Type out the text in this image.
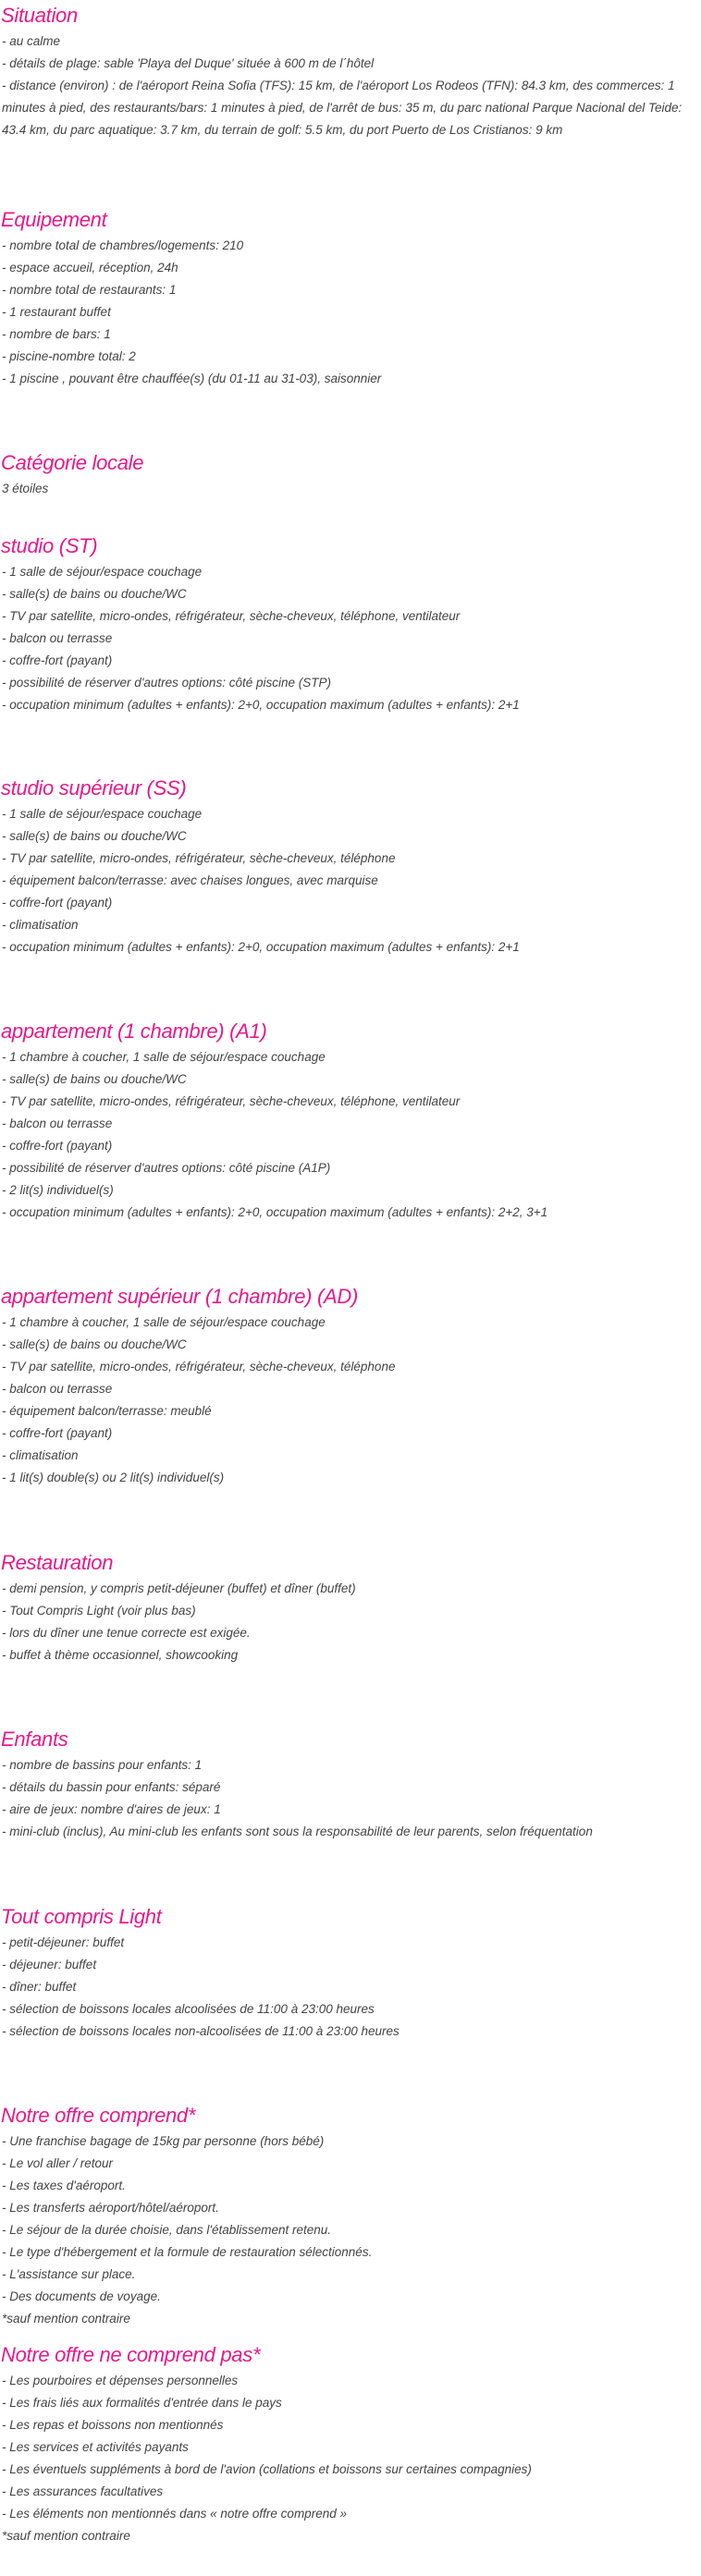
Situation
- au calme
- détails de plage: sable 'Playa del Duque' située à 600 m de l´hôtel
- distance (environ) : de l'aéroport Reina Sofia (TFS): 15 km, de l'aéroport Los Rodeos (TFN): 84.3 km, des commerces: 1 minutes à pied, des restaurants/bars: 1 minutes à pied, de l'arrêt de bus: 35 m, du parc national Parque Nacional del Teide: 43.4 km, du parc aquatique: 3.7 km, du terrain de golf: 5.5 km, du port Puerto de Los Cristianos: 9 km
Equipement
- nombre total de chambres/logements: 210
- espace accueil, réception, 24h
- nombre total de restaurants: 1
- 1 restaurant buffet
- nombre de bars: 1
- piscine-nombre total: 2
- 1 piscine , pouvant être chauffée(s) (du 01-11 au 31-03), saisonnier
Catégorie locale
3 étoiles
studio (ST)
- 1 salle de séjour/espace couchage
- salle(s) de bains ou douche/WC
- TV par satellite, micro-ondes, réfrigérateur, sèche-cheveux, téléphone, ventilateur
- balcon ou terrasse
- coffre-fort (payant)
- possibilité de réserver d'autres options: côté piscine (STP)
- occupation minimum (adultes + enfants): 2+0, occupation maximum (adultes + enfants): 2+1
studio supérieur (SS)
- 1 salle de séjour/espace couchage
- salle(s) de bains ou douche/WC
- TV par satellite, micro-ondes, réfrigérateur, sèche-cheveux, téléphone
- équipement balcon/terrasse: avec chaises longues, avec marquise
- coffre-fort (payant)
- climatisation
- occupation minimum (adultes + enfants): 2+0, occupation maximum (adultes + enfants): 2+1
appartement (1 chambre) (A1)
- 1 chambre à coucher, 1 salle de séjour/espace couchage
- salle(s) de bains ou douche/WC
- TV par satellite, micro-ondes, réfrigérateur, sèche-cheveux, téléphone, ventilateur
- balcon ou terrasse
- coffre-fort (payant)
- possibilité de réserver d'autres options: côté piscine (A1P)
- 2 lit(s) individuel(s)
- occupation minimum (adultes + enfants): 2+0, occupation maximum (adultes + enfants): 2+2, 3+1
appartement supérieur (1 chambre) (AD)
- 1 chambre à coucher, 1 salle de séjour/espace couchage
- salle(s) de bains ou douche/WC
- TV par satellite, micro-ondes, réfrigérateur, sèche-cheveux, téléphone
- balcon ou terrasse
- équipement balcon/terrasse: meublé
- coffre-fort (payant)
- climatisation
- 1 lit(s) double(s) ou 2 lit(s) individuel(s)
Restauration
- demi pension, y compris petit-déjeuner (buffet) et dîner (buffet)
- Tout Compris Light (voir plus bas)
- lors du dîner une tenue correcte est exigée.
- buffet à thème occasionnel, showcooking
Enfants
- nombre de bassins pour enfants: 1
- détails du bassin pour enfants: séparé
- aire de jeux: nombre d'aires de jeux: 1
- mini-club (inclus), Au mini-club les enfants sont sous la responsabilité de leur parents, selon fréquentation
Tout compris Light
- petit-déjeuner: buffet
- déjeuner: buffet
- dîner: buffet
- sélection de boissons locales alcoolisées de 11:00 à 23:00 heures
- sélection de boissons locales non-alcoolisées de 11:00 à 23:00 heures
Notre offre comprend*
- Une franchise bagage de 15kg par personne (hors bébé)
- Le vol aller / retour
- Les taxes d'aéroport.
- Les transferts aéroport/hôtel/aéroport.
- Le séjour de la durée choisie, dans l'établissement retenu.
- Le type d'hébergement et la formule de restauration sélectionnés.
- L'assistance sur place.
- Des documents de voyage.
*sauf mention contraire
Notre offre ne comprend pas*
- Les pourboires et dépenses personnelles
- Les frais liés aux formalités d'entrée dans le pays
- Les repas et boissons non mentionnés
- Les services et activités payants
- Les éventuels suppléments à bord de l'avion (collations et boissons sur certaines compagnies)
- Les assurances facultatives
- Les éléments non mentionnés dans « notre offre comprend »
*sauf mention contraire
